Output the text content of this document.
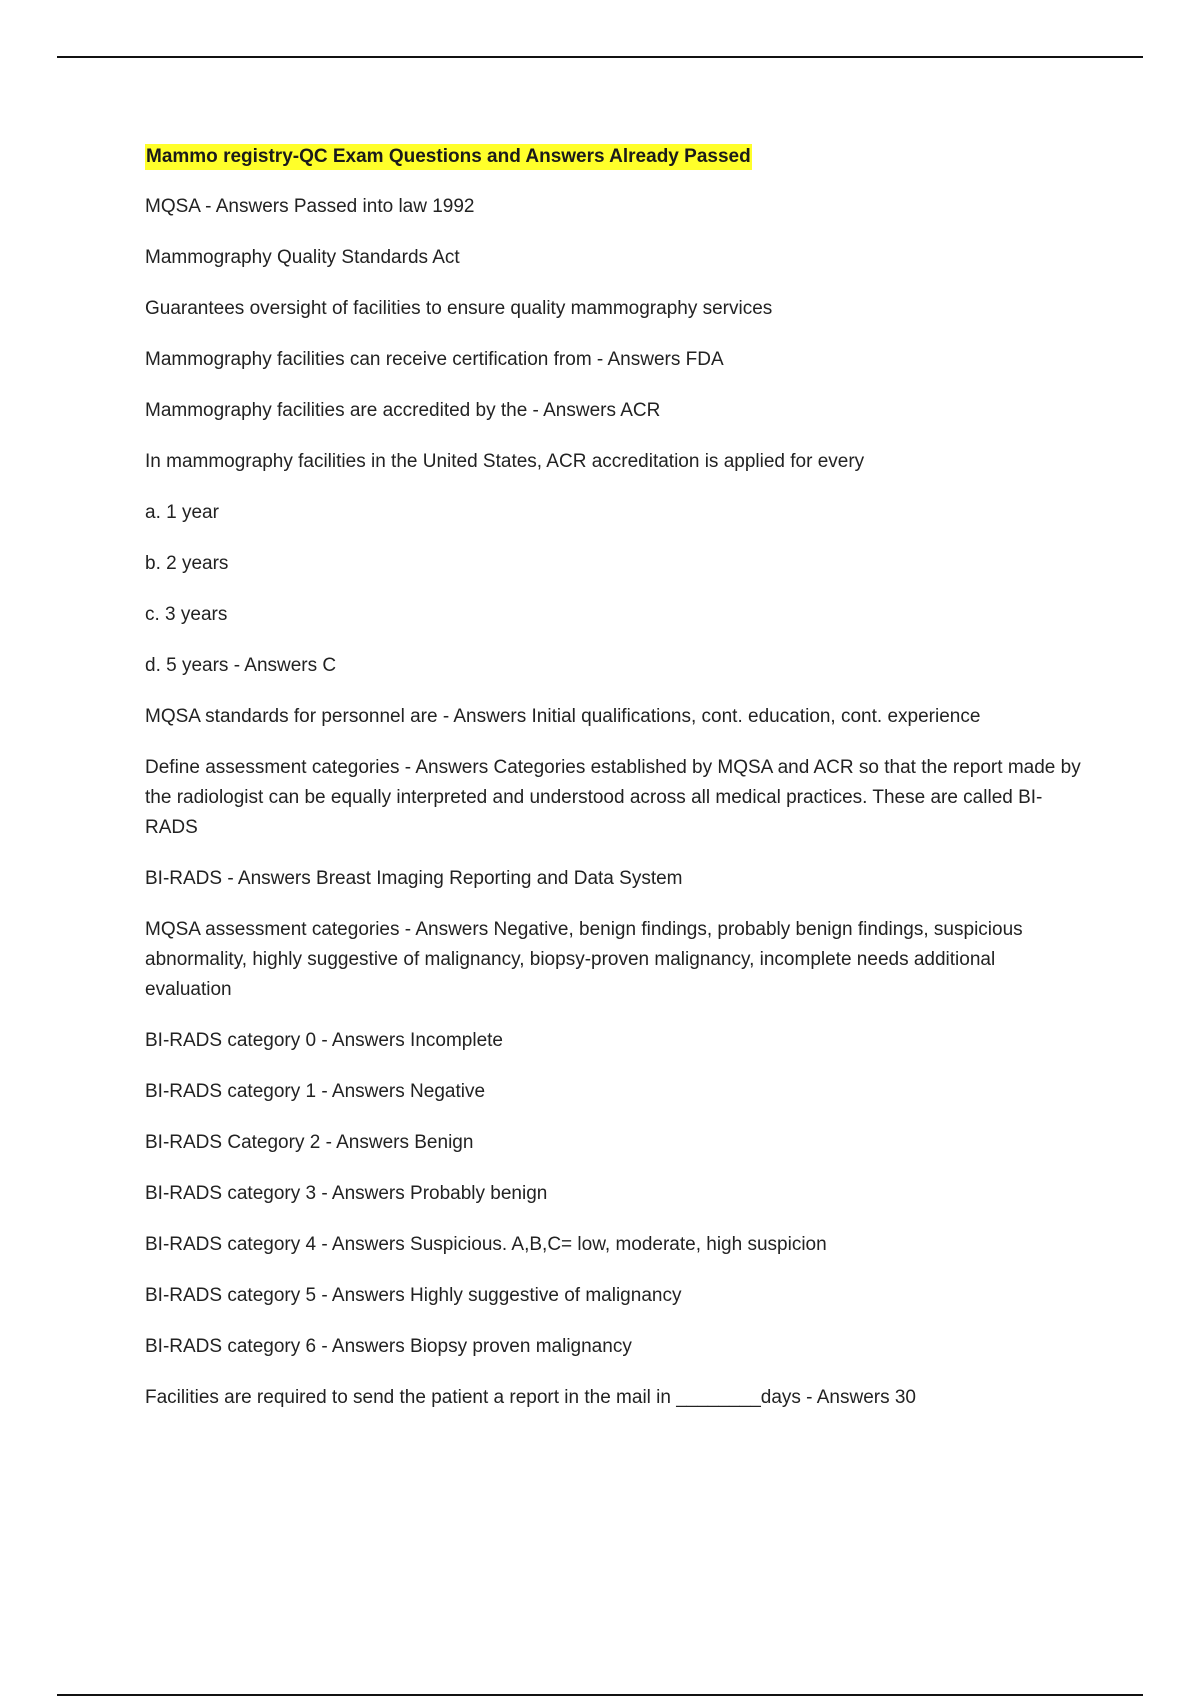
Mammo registry-QC Exam Questions and Answers Already Passed
MQSA - Answers Passed into law 1992
Mammography Quality Standards Act
Guarantees oversight of facilities to ensure quality mammography services
Mammography facilities can receive certification from - Answers FDA
Mammography facilities are accredited by the - Answers ACR
In mammography facilities in the United States, ACR accreditation is applied for every
a. 1 year
b. 2 years
c. 3 years
d. 5 years - Answers C
MQSA standards for personnel are - Answers Initial qualifications, cont. education, cont. experience
Define assessment categories - Answers Categories established by MQSA and ACR so that the report made by the radiologist can be equally interpreted and understood across all medical practices. These are called BI-RADS
BI-RADS - Answers Breast Imaging Reporting and Data System
MQSA assessment categories - Answers Negative, benign findings, probably benign findings, suspicious abnormality, highly suggestive of malignancy, biopsy-proven malignancy, incomplete needs additional evaluation
BI-RADS category 0 - Answers Incomplete
BI-RADS category 1 - Answers Negative
BI-RADS Category 2 - Answers Benign
BI-RADS category 3 - Answers Probably benign
BI-RADS category 4 - Answers Suspicious. A,B,C= low, moderate, high suspicion
BI-RADS category 5 - Answers Highly suggestive of malignancy
BI-RADS category 6 - Answers Biopsy proven malignancy
Facilities are required to send the patient a report in the mail in ________days - Answers 30
